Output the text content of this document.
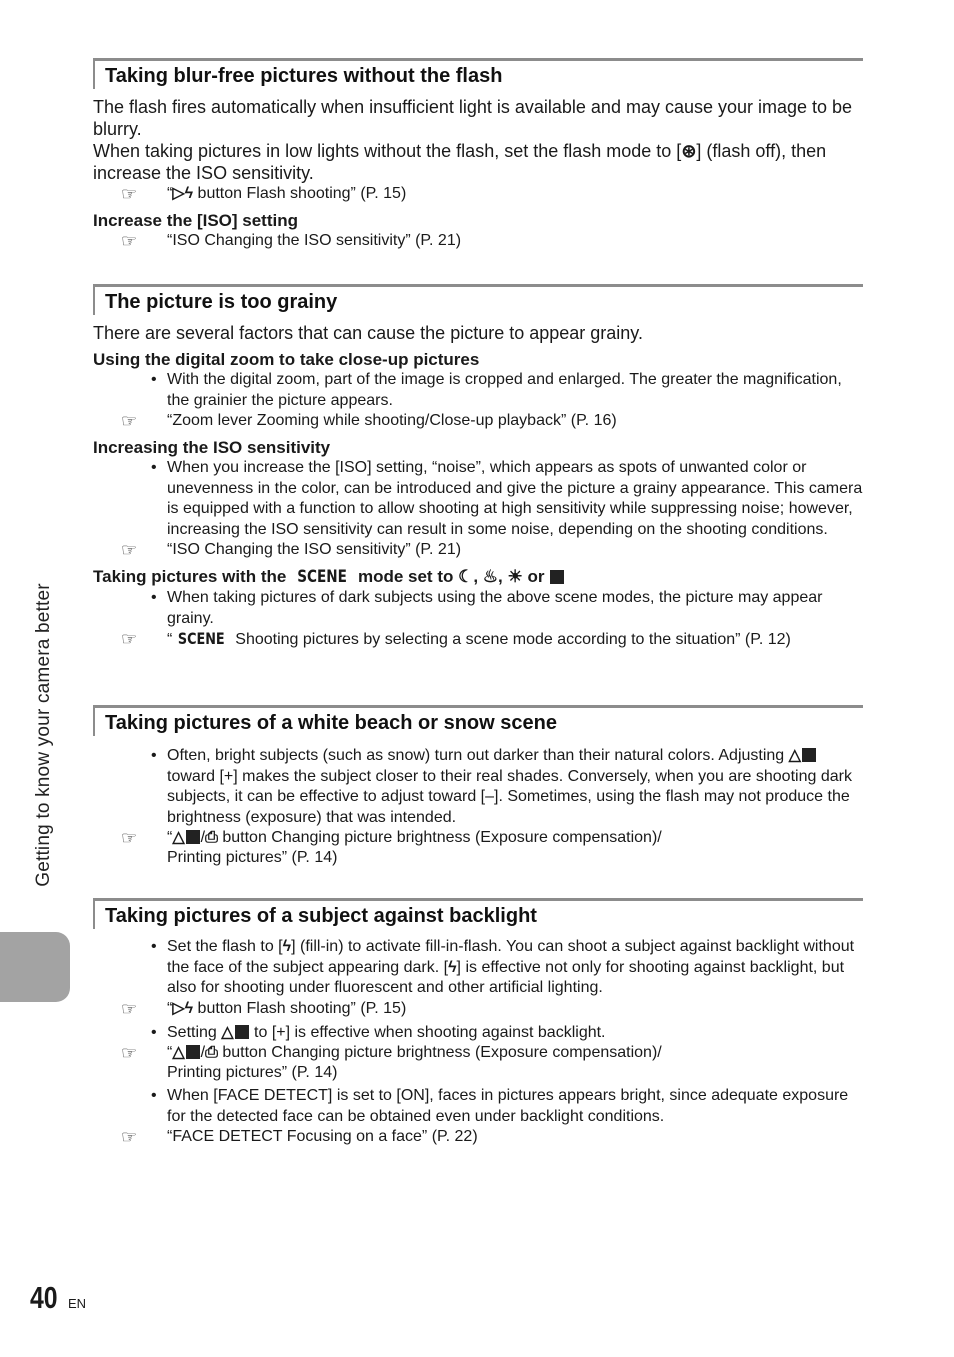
Getting to know your camera better
Taking blur-free pictures without the flash

The flash fires automatically when insufficient light is available and may cause your image to be blurry.

When taking pictures in low lights without the flash, set the flash mode to [⊛] (flash off), then increase the ISO sensitivity.

☞	“▷ϟ button Flash shooting” (P. 15)

Increase the [ISO] setting

☞	“ISO Changing the ISO sensitivity” (P. 21)

The picture is too grainy

There are several factors that can cause the picture to appear grainy.

Using the digital zoom to take close-up pictures

• With the digital zoom, part of the image is cropped and enlarged. The greater the magnification, the grainier the picture appears.

☞	“Zoom lever Zooming while shooting/Close-up playback” (P. 16)

Increasing the ISO sensitivity

• When you increase the [ISO] setting, “noise”, which appears as spots of unwanted color or unevenness in the color, can be introduced and give the picture a grainy appearance. This camera is equipped with a function to allow shooting at high sensitivity while suppressing noise; however, increasing the ISO sensitivity can result in some noise, depending on the shooting conditions.

☞	“ISO Changing the ISO sensitivity” (P. 21)

Taking pictures with the SCENE mode set to ☾, ♨, ☀ or

• When taking pictures of dark subjects using the above scene modes, the picture may appear grainy.

☞	“ SCENE Shooting pictures by selecting a scene mode according to the situation” (P. 12)

Taking pictures of a white beach or snow scene

• Often, bright subjects (such as snow) turn out darker than their natural colors. Adjusting △ toward [+] makes the subject closer to their real shades. Conversely, when you are shooting dark subjects, it can be effective to adjust toward [–]. Sometimes, using the flash may not produce the brightness (exposure) that was intended.

☞	“△ /⎙ button Changing picture brightness (Exposure compensation)/
Printing pictures” (P. 14)

Taking pictures of a subject against backlight

• Set the flash to [ϟ] (fill-in) to activate fill-in-flash. You can shoot a subject against backlight without the face of the subject appearing dark. [ϟ] is effective not only for shooting against backlight, but also for shooting under fluorescent and other artificial lighting.

☞	“▷ϟ button Flash shooting” (P. 15)

• Setting △ to [+] is effective when shooting against backlight.

☞	“△ /⎙ button Changing picture brightness (Exposure compensation)/
Printing pictures” (P. 14)

• When [FACE DETECT] is set to [ON], faces in pictures appears bright, since adequate exposure for the detected face can be obtained even under backlight conditions.

☞	“FACE DETECT Focusing on a face” (P. 22)

40 EN
